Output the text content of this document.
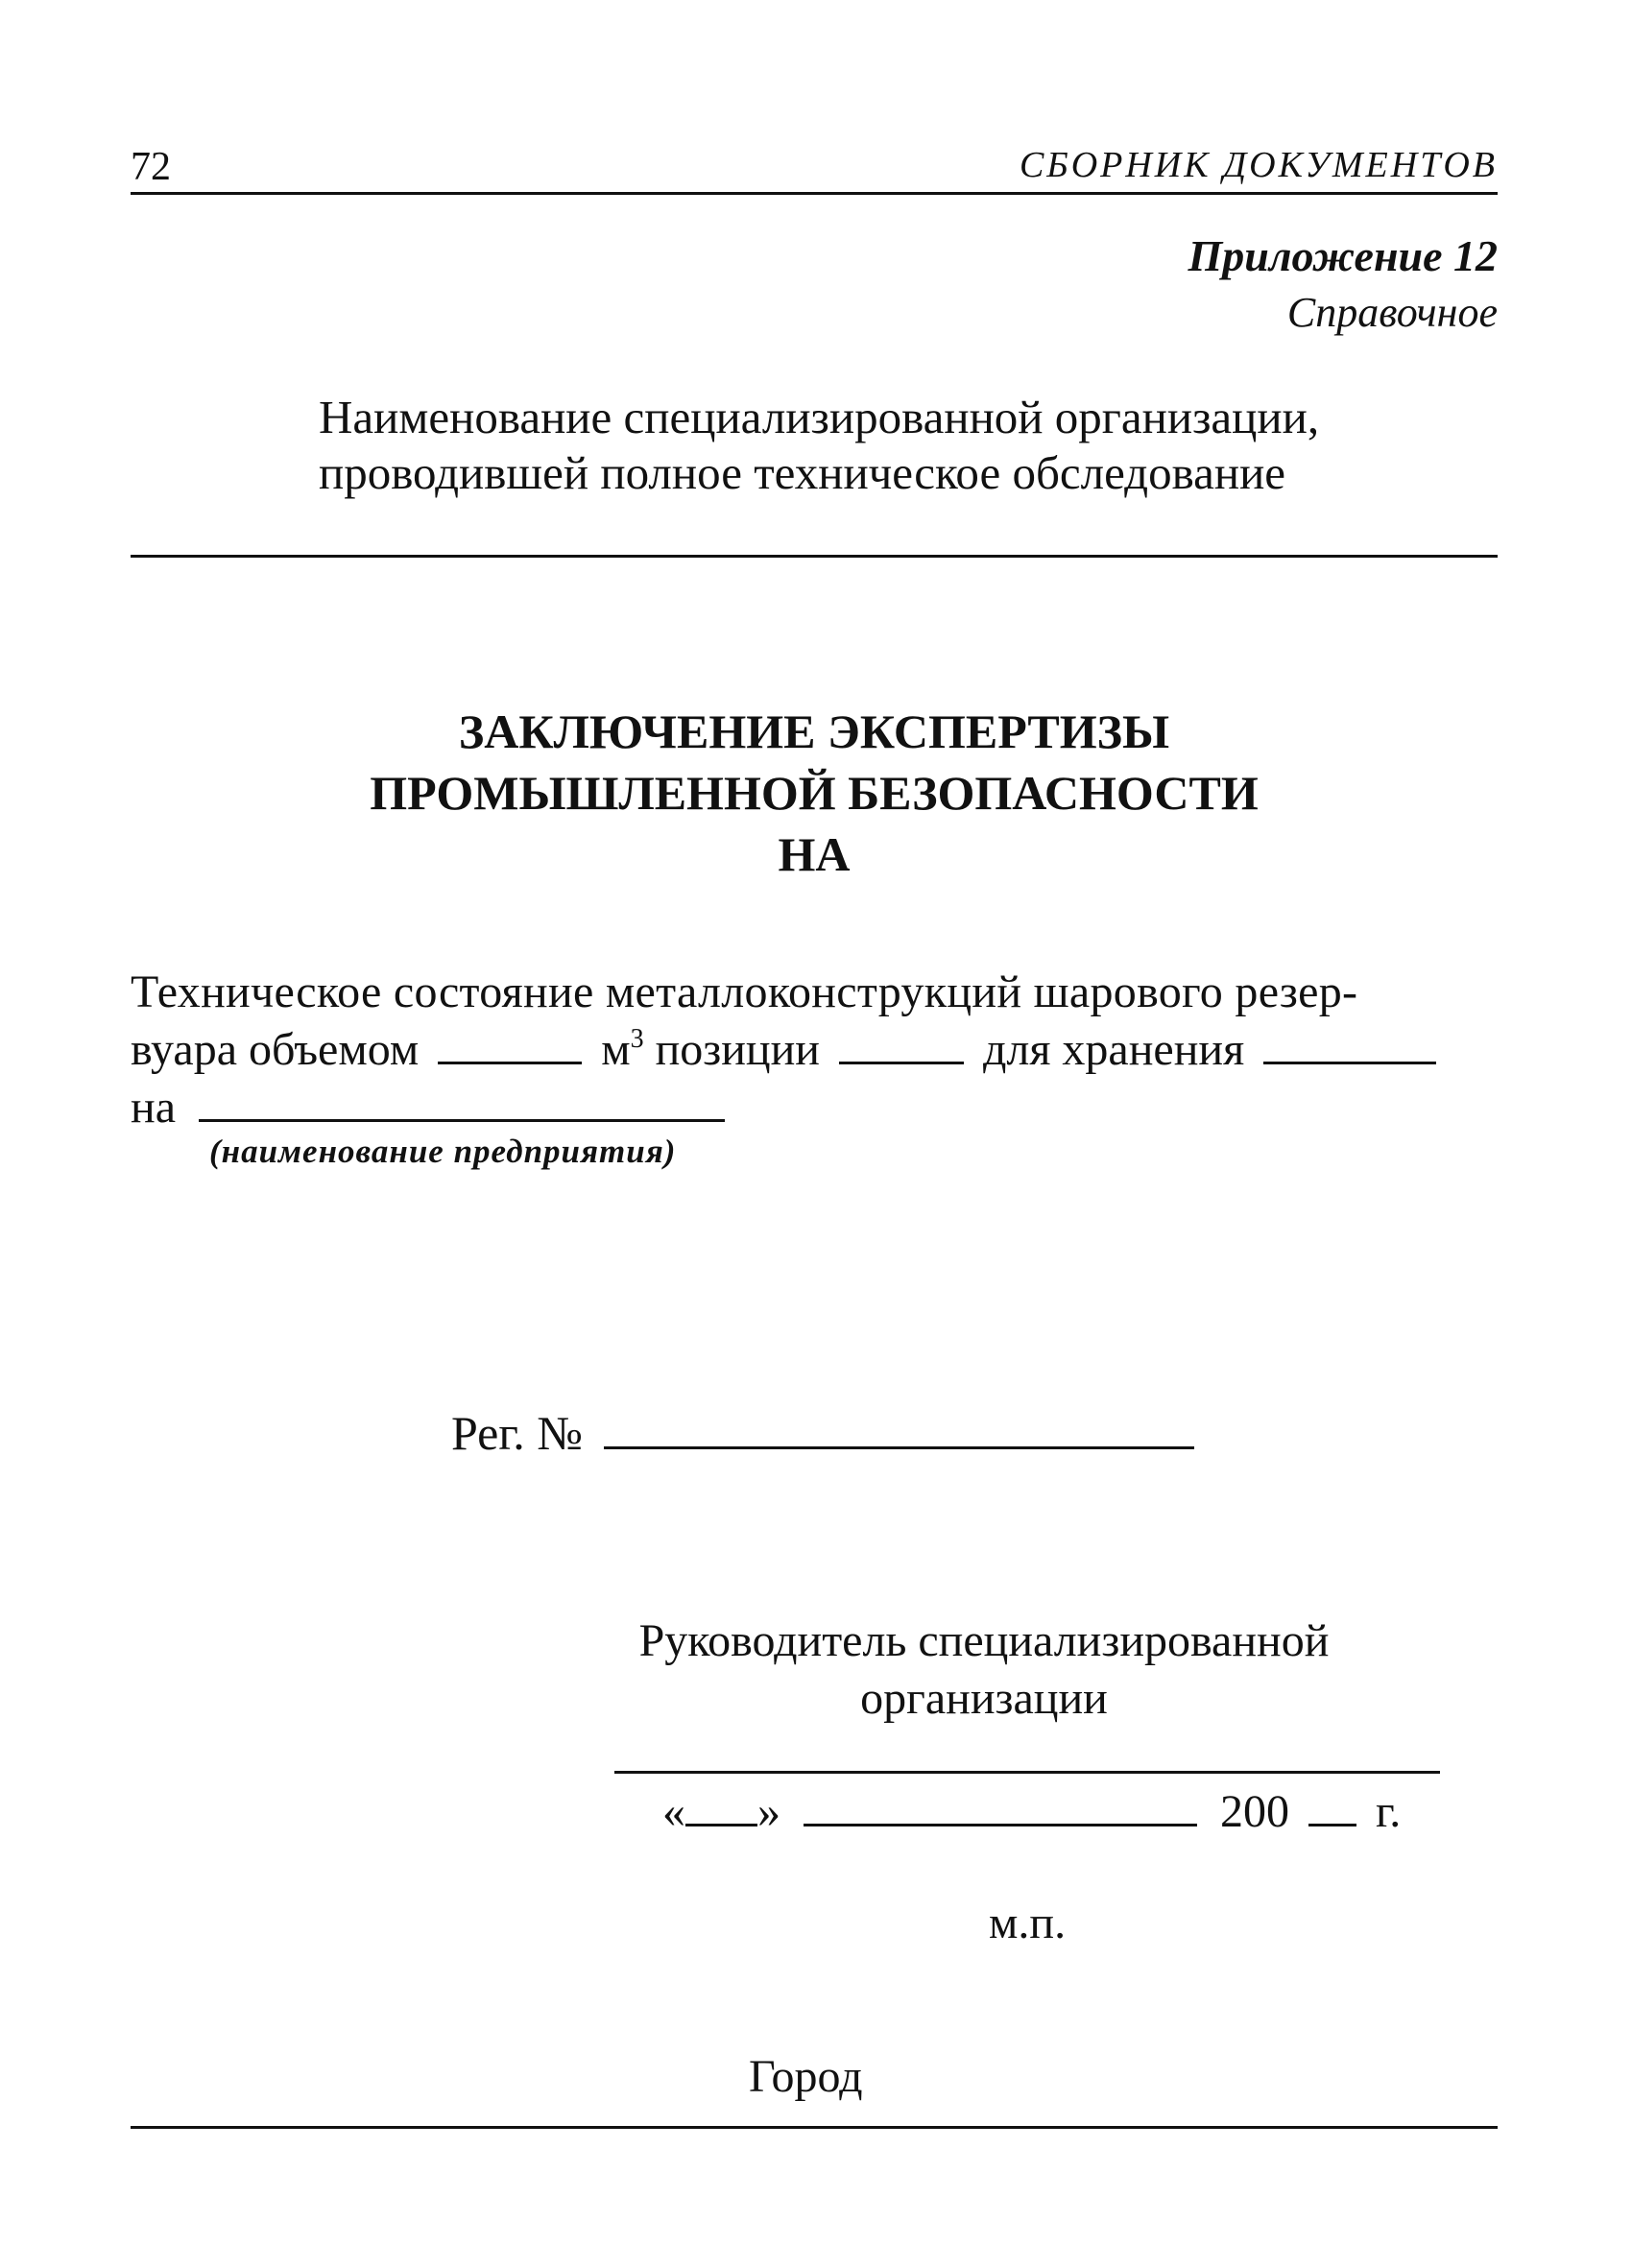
72	СБОРНИК ДОКУМЕНТОВ
Приложение 12
Справочное
Наименование специализированной организации,
проводившей полное техническое обследование
ЗАКЛЮЧЕНИЕ ЭКСПЕРТИЗЫ
ПРОМЫШЛЕННОЙ БЕЗОПАСНОСТИ
НА
Техническое состояние металлоконструкций шарового резер-
вуара объемом	$м^3$ позиции	для хранения
на
(наименование предприятия)
Рег. №
Руководитель специализированной
организации
« »	200 г.
м.п.
Город
